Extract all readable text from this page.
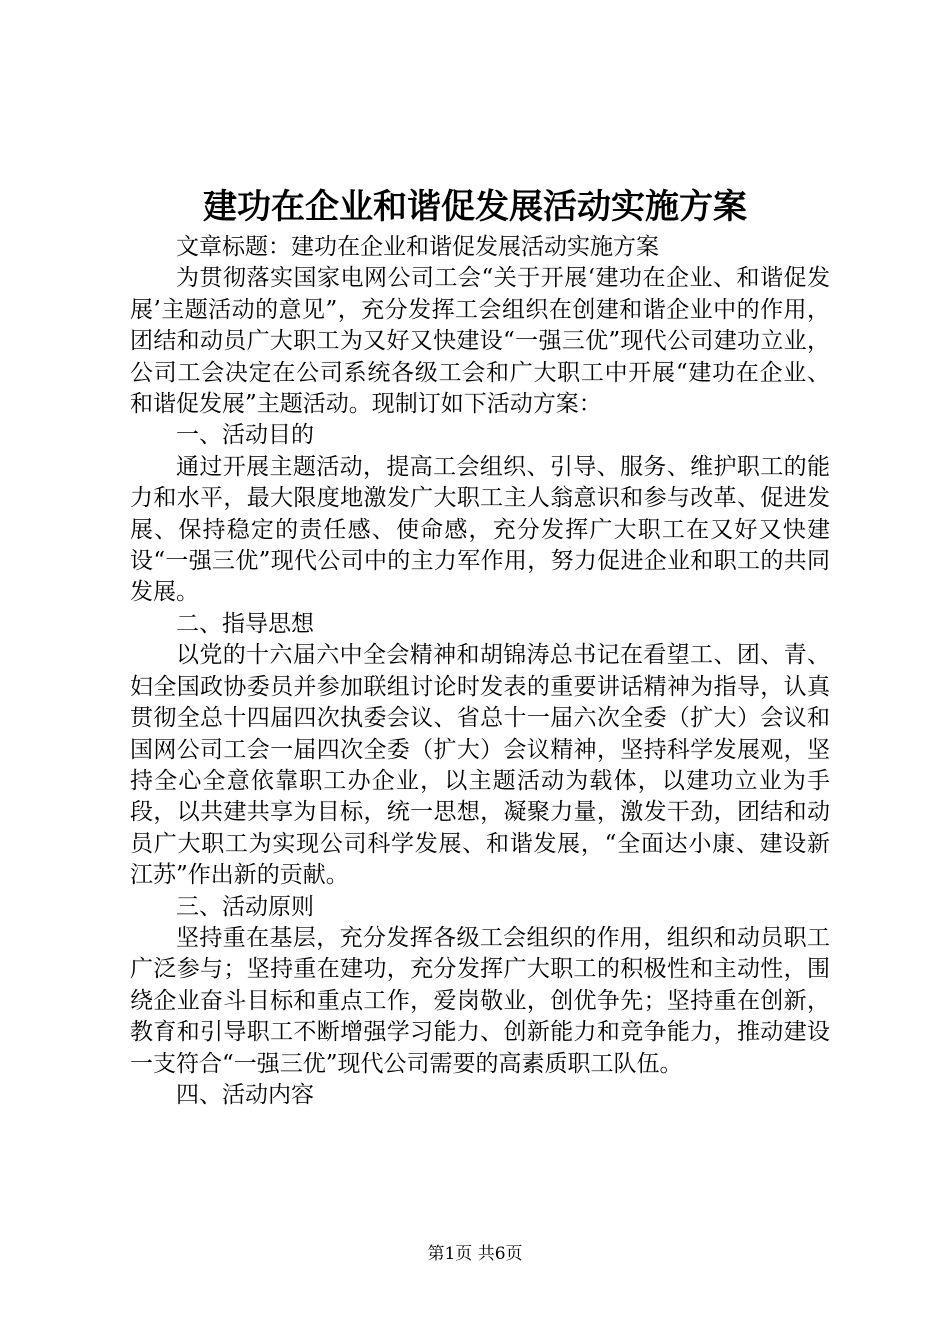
建功在企业和谐促发展活动实施方案

文章标题：建功在企业和谐促发展活动实施方案

为贯彻落实国家电网公司工会“关于开展‘建功在企业、和谐促发展’主题活动的意见”，充分发挥工会组织在创建和谐企业中的作用，团结和动员广大职工为又好又快建设“一强三优”现代公司建功立业，公司工会决定在公司系统各级工会和广大职工中开展“建功在企业、和谐促发展”主题活动。现制订如下活动方案：

一、活动目的

通过开展主题活动，提高工会组织、引导、服务、维护职工的能力和水平，最大限度地激发广大职工主人翁意识和参与改革、促进发展、保持稳定的责任感、使命感，充分发挥广大职工在又好又快建设“一强三优”现代公司中的主力军作用，努力促进企业和职工的共同发展。

二、指导思想

以党的十六届六中全会精神和胡锦涛总书记在看望工、团、青、妇全国政协委员并参加联组讨论时发表的重要讲话精神为指导，认真贯彻全总十四届四次执委会议、省总十一届六次全委（扩大）会议和国网公司工会一届四次全委（扩大）会议精神，坚持科学发展观，坚持全心全意依靠职工办企业，以主题活动为载体，以建功立业为手段，以共建共享为目标，统一思想，凝聚力量，激发干劲，团结和动员广大职工为实现公司科学发展、和谐发展，“全面达小康、建设新江苏”作出新的贡献。

三、活动原则

坚持重在基层，充分发挥各级工会组织的作用，组织和动员职工广泛参与；坚持重在建功，充分发挥广大职工的积极性和主动性，围绕企业奋斗目标和重点工作，爱岗敬业，创优争先；坚持重在创新，教育和引导职工不断增强学习能力、创新能力和竞争能力，推动建设一支符合“一强三优”现代公司需要的高素质职工队伍。

四、活动内容

第1页 共6页
